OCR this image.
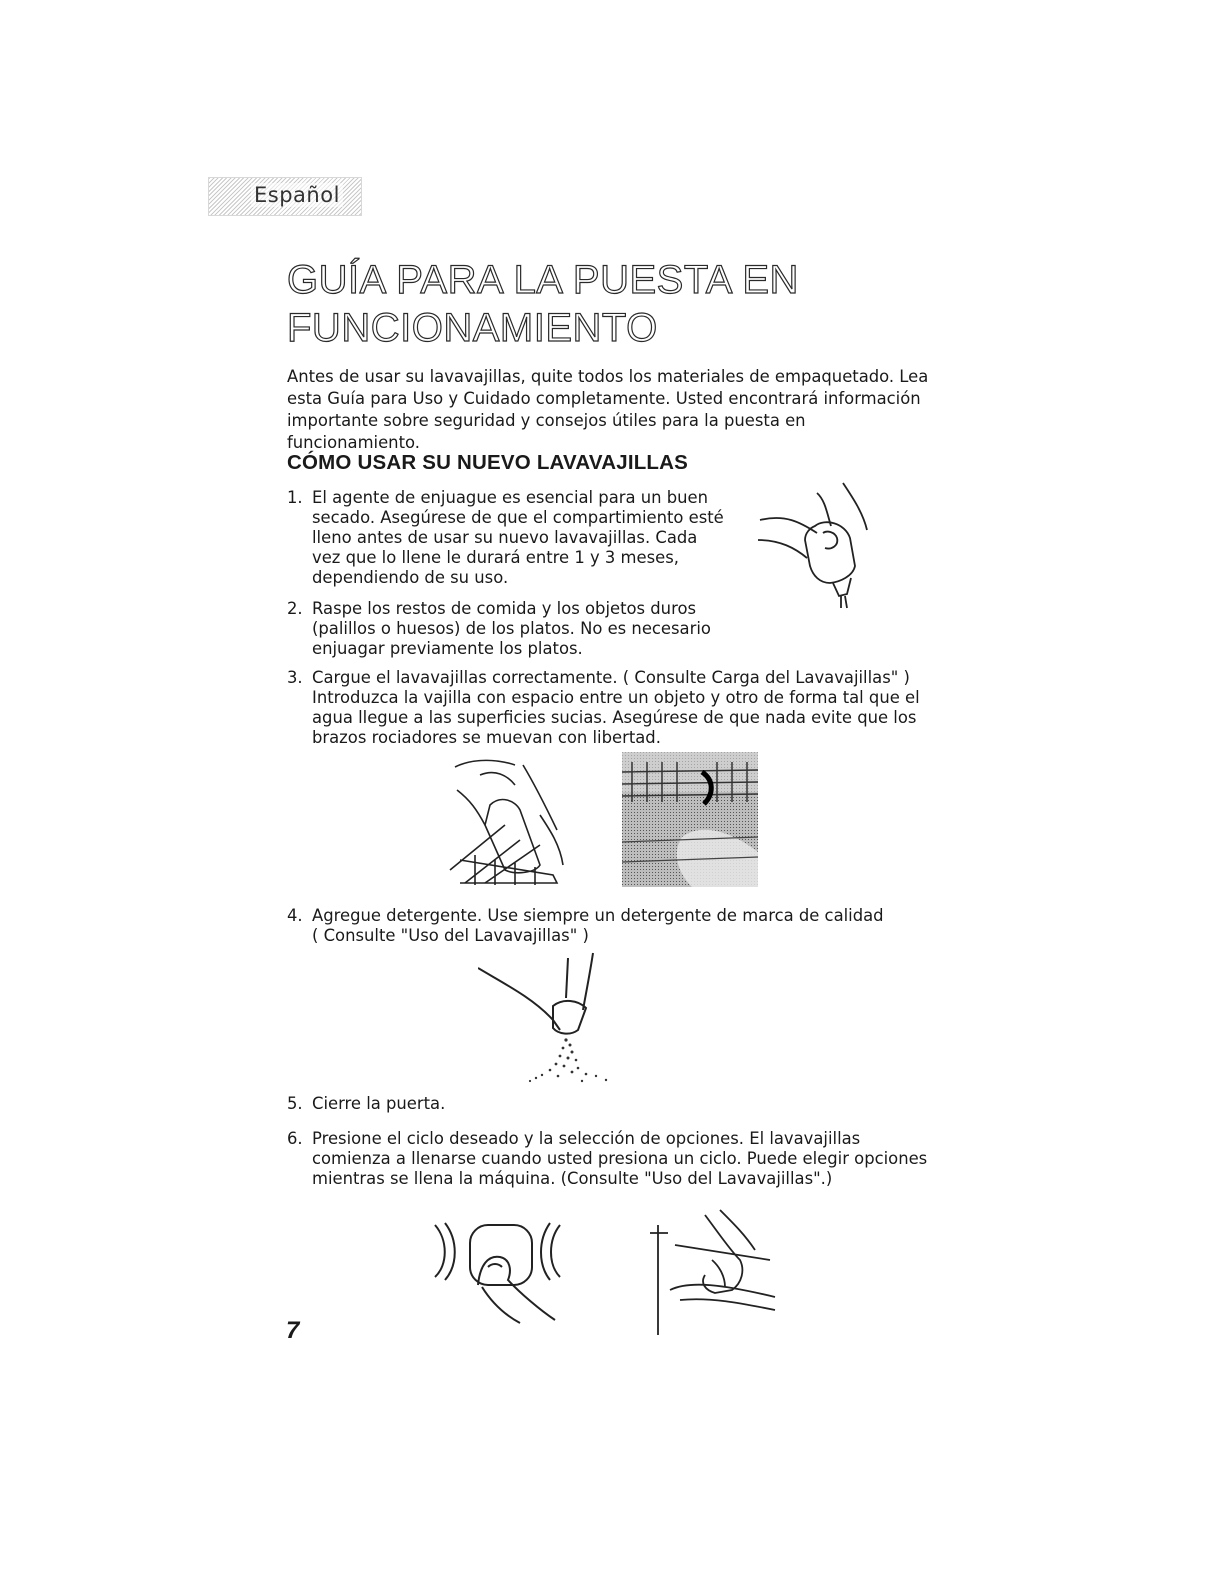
Español
GUÍA PARA LA PUESTA EN FUNCIONAMIENTO

Antes de usar su lavavajillas, quite todos los materiales de empaquetado. Lea esta Guía para Uso y Cuidado completamente. Usted encontrará información importante sobre seguridad y consejos útiles para la puesta en funcionamiento.

CÓMO USAR SU NUEVO LAVAVAJILLAS
1. El agente de enjuague es esencial para un buen secado. Asegúrese de que el compartimiento esté lleno antes de usar su nuevo lavavajillas. Cada vez que lo llene le durará entre 1 y 3 meses, dependiendo de su uso.
2. Raspe los restos de comida y los objetos duros (palillos o huesos) de los platos. No es necesario enjuagar previamente los platos.
3. Cargue el lavavajillas correctamente. ( Consulte Carga del Lavavajillas" ) Introduzca la vajilla con espacio entre un objeto y otro de forma tal que el agua llegue a las superficies sucias. Asegúrese de que nada evite que los brazos rociadores se muevan con libertad.
4. Agregue detergente. Use siempre un detergente de marca de calidad ( Consulte "Uso del Lavavajillas" )
5. Cierre la puerta.
6. Presione el ciclo deseado y la selección de opciones. El lavavajillas comienza a llenarse cuando usted presiona un ciclo. Puede elegir opciones mientras se llena la máquina. (Consulte "Uso del Lavavajillas".)
7
